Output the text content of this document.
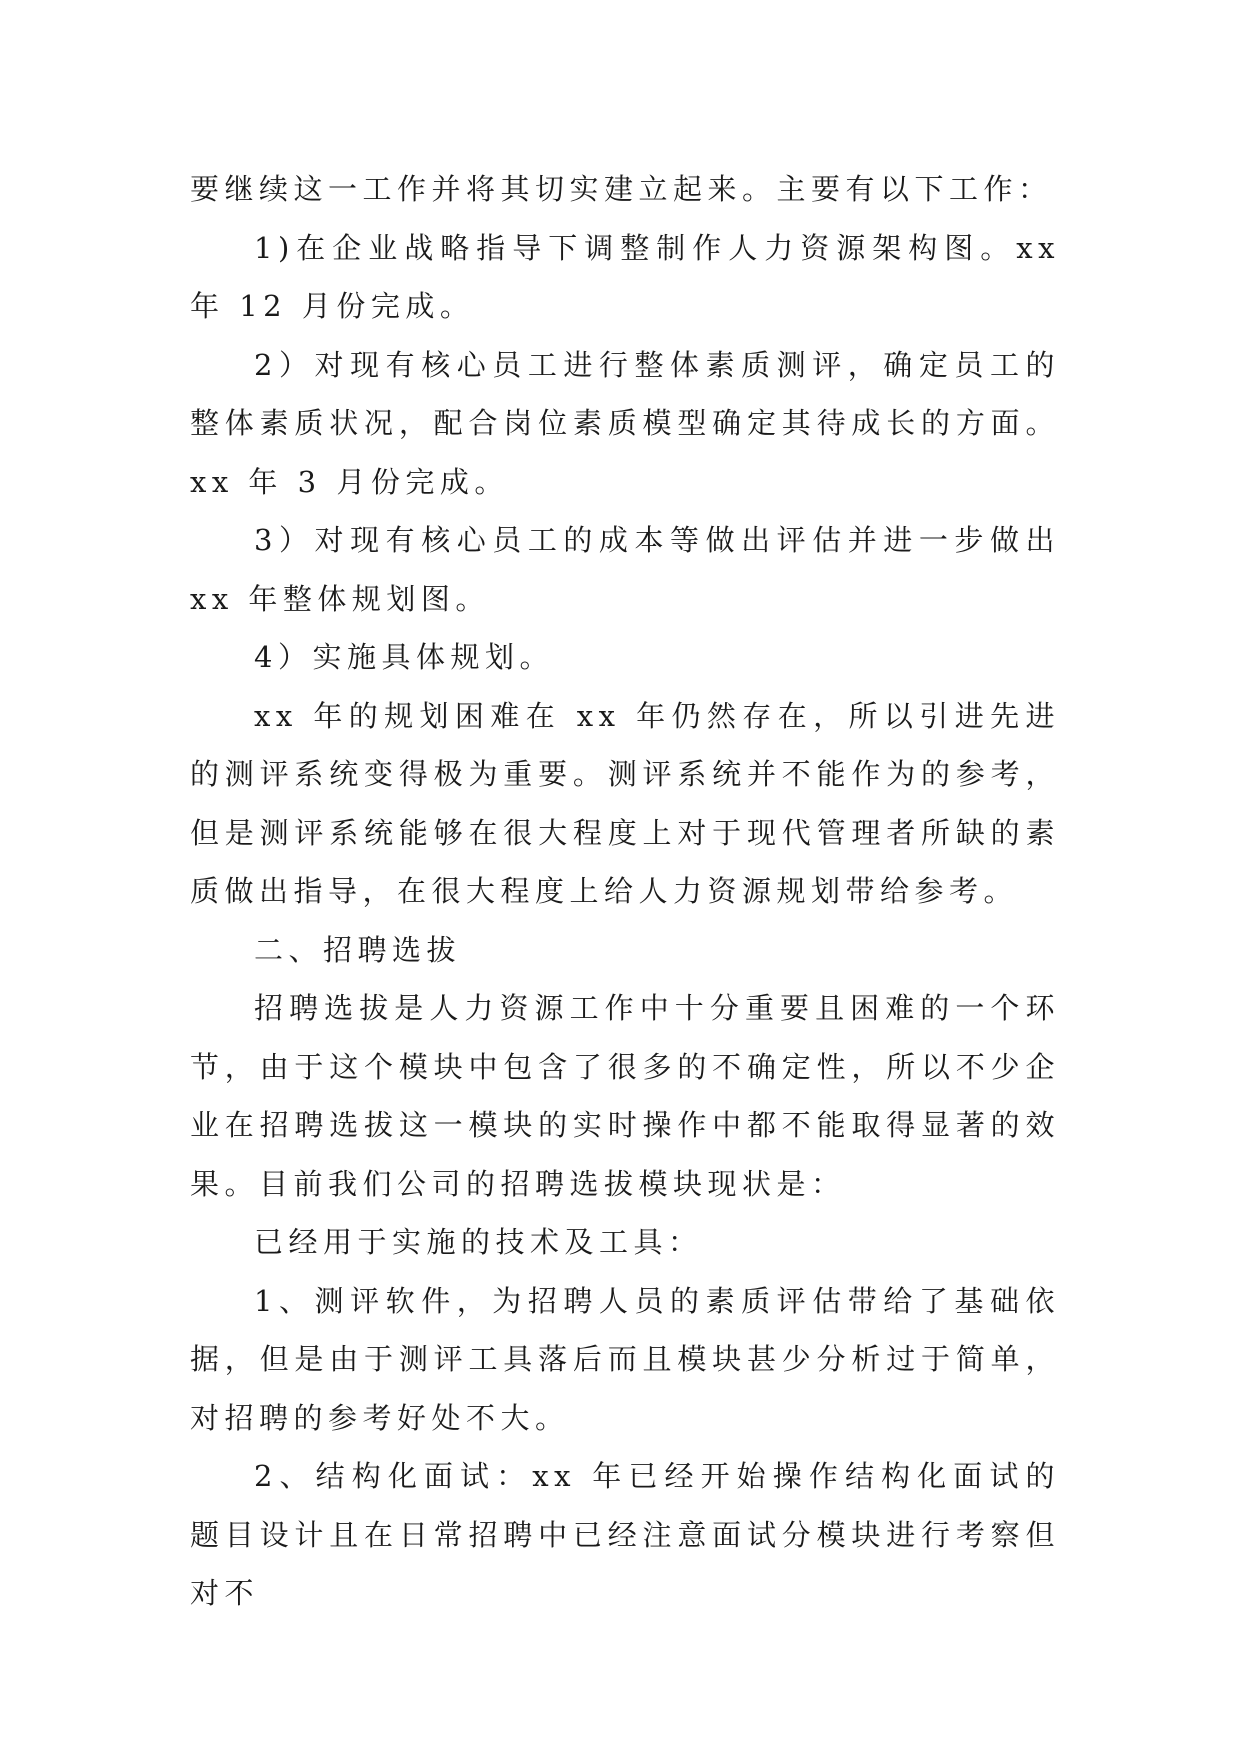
要继续这一工作并将其切实建立起来。主要有以下工作：

1)在企业战略指导下调整制作人力资源架构图。xx 年 12 月份完成。

2）对现有核心员工进行整体素质测评，确定员工的整体素质状况，配合岗位素质模型确定其待成长的方面。xx 年 3 月份完成。

3）对现有核心员工的成本等做出评估并进一步做出 xx 年整体规划图。

4）实施具体规划。

xx 年的规划困难在 xx 年仍然存在，所以引进先进的测评系统变得极为重要。测评系统并不能作为的参考，但是测评系统能够在很大程度上对于现代管理者所缺的素质做出指导，在很大程度上给人力资源规划带给参考。

二、招聘选拔

招聘选拔是人力资源工作中十分重要且困难的一个环节，由于这个模块中包含了很多的不确定性，所以不少企业在招聘选拔这一模块的实时操作中都不能取得显著的效果。目前我们公司的招聘选拔模块现状是：

已经用于实施的技术及工具：

1、测评软件，为招聘人员的素质评估带给了基础依据，但是由于测评工具落后而且模块甚少分析过于简单，对招聘的参考好处不大。

2、结构化面试：xx 年已经开始操作结构化面试的题目设计且在日常招聘中已经注意面试分模块进行考察但对不
